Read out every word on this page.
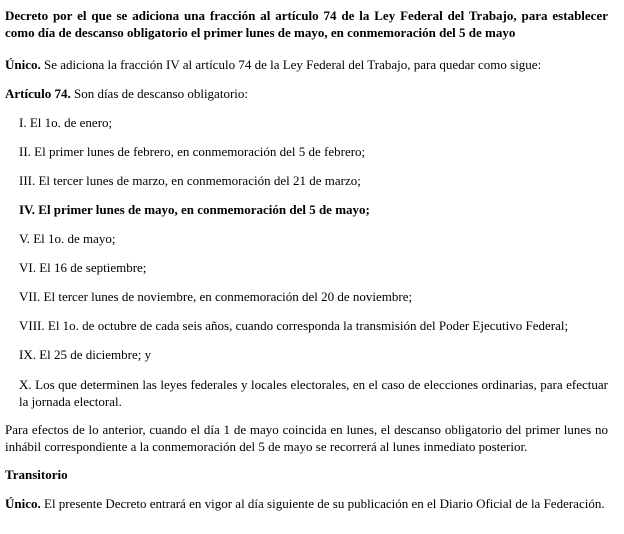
Decreto por el que se adiciona una fracción al artículo 74 de la Ley Federal del Trabajo, para establecer como día de descanso obligatorio el primer lunes de mayo, en conmemoración del 5 de mayo

Único. Se adiciona la fracción IV al artículo 74 de la Ley Federal del Trabajo, para quedar como sigue:

Artículo 74. Son días de descanso obligatorio:

I. El 1o. de enero;

II. El primer lunes de febrero, en conmemoración del 5 de febrero;

III. El tercer lunes de marzo, en conmemoración del 21 de marzo;

IV. El primer lunes de mayo, en conmemoración del 5 de mayo;

V. El 1o. de mayo;

VI. El 16 de septiembre;

VII. El tercer lunes de noviembre, en conmemoración del 20 de noviembre;

VIII. El 1o. de octubre de cada seis años, cuando corresponda la transmisión del Poder Ejecutivo Federal;

IX. El 25 de diciembre; y

X. Los que determinen las leyes federales y locales electorales, en el caso de elecciones ordinarias, para efectuar la jornada electoral.

Para efectos de lo anterior, cuando el día 1 de mayo coincida en lunes, el descanso obligatorio del primer lunes no inhábil correspondiente a la conmemoración del 5 de mayo se recorrerá al lunes inmediato posterior.

Transitorio

Único. El presente Decreto entrará en vigor al día siguiente de su publicación en el Diario Oficial de la Federación.
